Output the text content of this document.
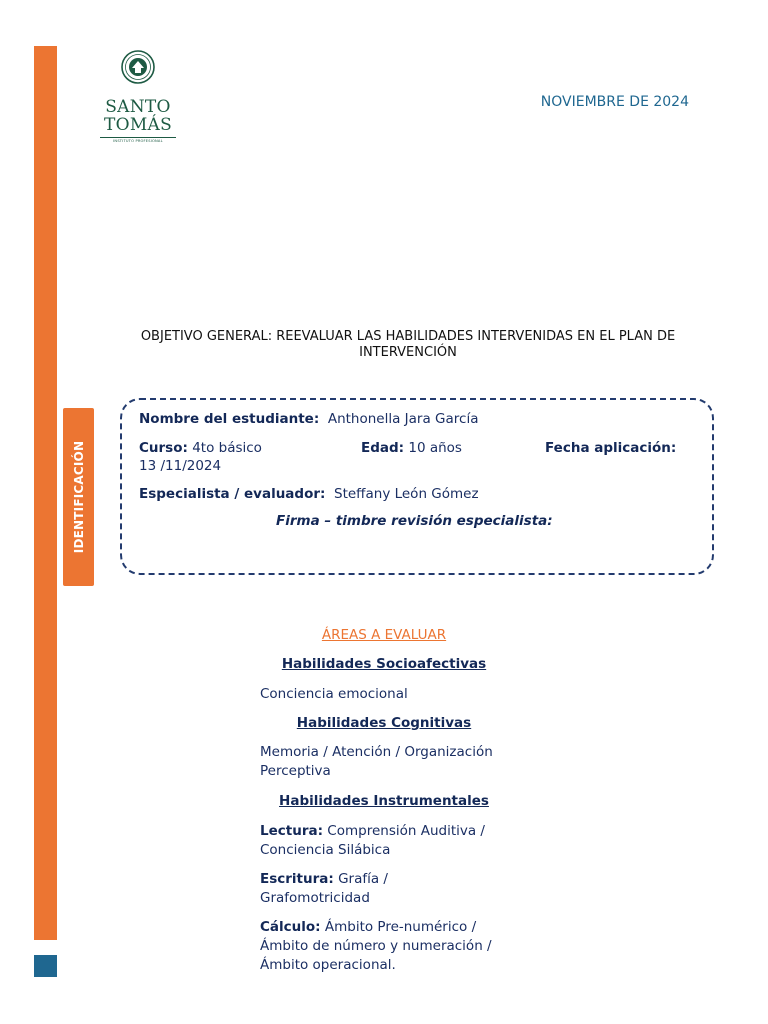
SANTO
TOMÁS
INSTITUTO PROFESIONAL
NOVIEMBRE DE 2024
IDENTIFICACIÓN
OBJETIVO GENERAL: REEVALUAR LAS HABILIDADES INTERVENIDAS EN EL PLAN DE INTERVENCIÓN
Nombre del estudiante: Anthonella Jara García
Curso: 4to básico	Edad: 10 años	Fecha aplicación:
13 /11/2024
Especialista / evaluador: Steffany León Gómez
Firma – timbre revisión especialista:
ÁREAS A EVALUAR
Habilidades Socioafectivas
Conciencia emocional
Habilidades Cognitivas
Memoria / Atención / Organización
Perceptiva
Habilidades Instrumentales
Lectura: Comprensión Auditiva /
Conciencia Silábica
Escritura: Grafía /
Grafomotricidad
Cálculo: Ámbito Pre-numérico /
Ámbito de número y numeración /
Ámbito operacional.
